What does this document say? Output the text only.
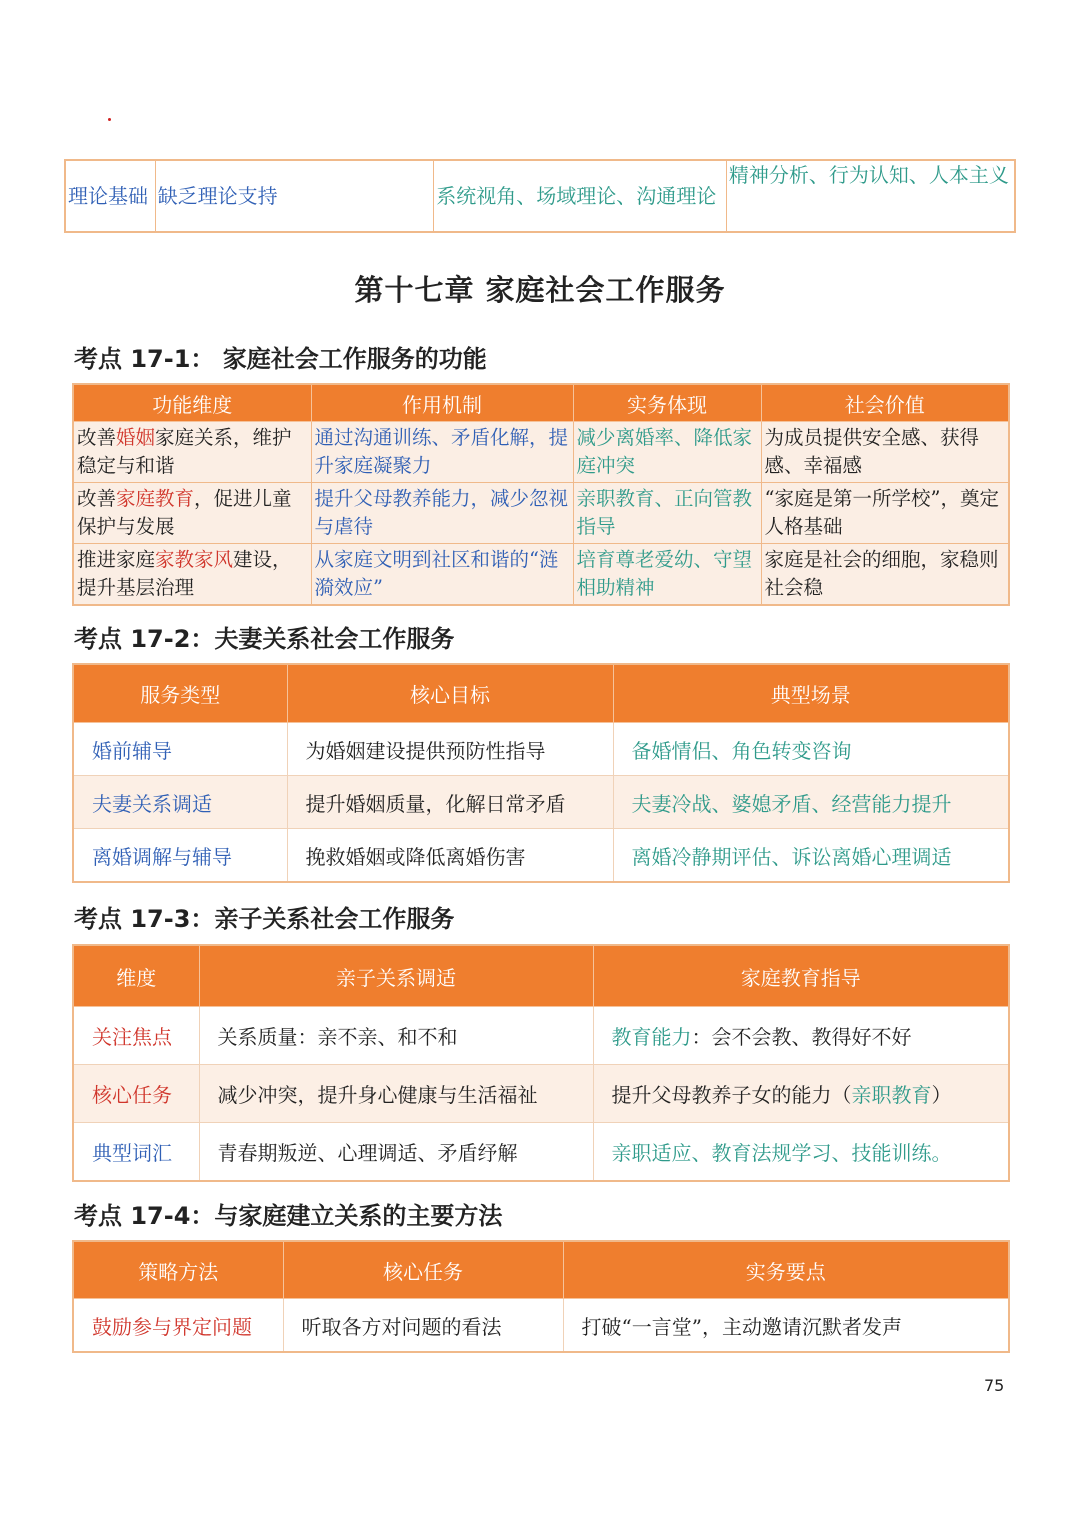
理论基础	缺乏理论支持	系统视角、场域理论、沟通理论	精神分析、行为认知、人本主义
第十七章 家庭社会工作服务
考点 17-1： 家庭社会工作服务的功能
功能维度	作用机制	实务体现	社会价值
改善婚姻家庭关系，维护稳定与和谐	通过沟通训练、矛盾化解，提升家庭凝聚力	减少离婚率、降低家庭冲突	为成员提供安全感、获得感、幸福感
改善家庭教育，促进儿童保护与发展	提升父母教养能力，减少忽视与虐待	亲职教育、正向管教指导	“家庭是第一所学校”，奠定人格基础
推进家庭家教家风建设，提升基层治理	从家庭文明到社区和谐的“涟漪效应”	培育尊老爱幼、守望相助精神	家庭是社会的细胞，家稳则社会稳
考点 17-2：夫妻关系社会工作服务
服务类型	核心目标	典型场景
婚前辅导	为婚姻建设提供预防性指导	备婚情侣、角色转变咨询
夫妻关系调适	提升婚姻质量，化解日常矛盾	夫妻冷战、婆媳矛盾、经营能力提升
离婚调解与辅导	挽救婚姻或降低离婚伤害	离婚冷静期评估、诉讼离婚心理调适
考点 17-3：亲子关系社会工作服务
维度	亲子关系调适	家庭教育指导
关注焦点	关系质量：亲不亲、和不和	教育能力：会不会教、教得好不好
核心任务	减少冲突，提升身心健康与生活福祉	提升父母教养子女的能力（亲职教育）
典型词汇	青春期叛逆、心理调适、矛盾纾解	亲职适应、教育法规学习、技能训练。
考点 17-4：与家庭建立关系的主要方法
策略方法	核心任务	实务要点
鼓励参与界定问题	听取各方对问题的看法	打破“一言堂”，主动邀请沉默者发声
75
